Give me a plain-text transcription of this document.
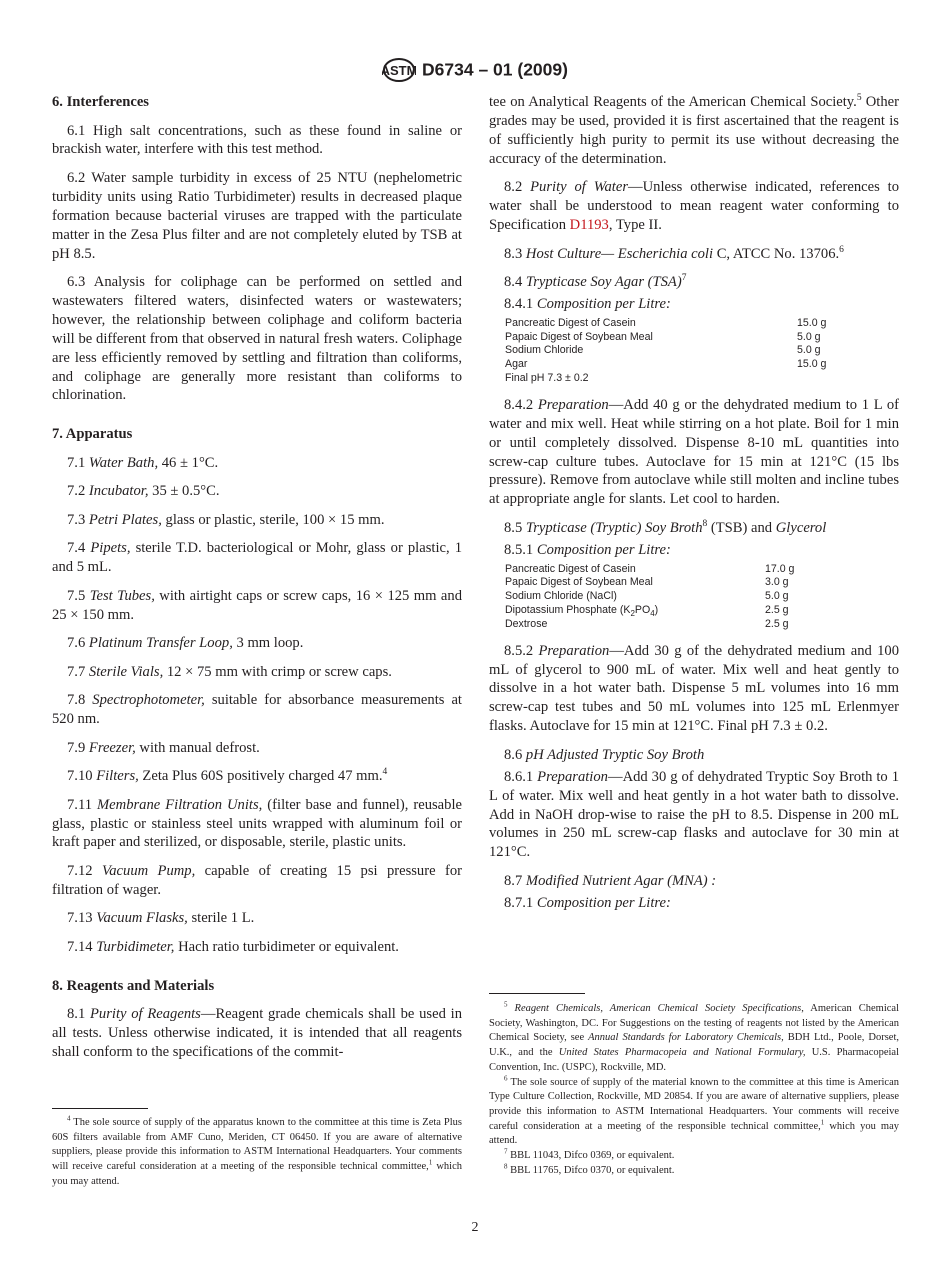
ASTM D6734 – 01 (2009)
6. Interferences

6.1 High salt concentrations, such as these found in saline or brackish water, interfere with this test method.

6.2 Water sample turbidity in excess of 25 NTU (nephelometric turbidity units using Ratio Turbidimeter) results in decreased plaque formation because bacterial viruses are trapped with the particulate matter in the Zesa Plus filter and are not completely eluted by TSB at pH 8.5.

6.3 Analysis for coliphage can be performed on settled and wastewaters filtered waters, disinfected waters or wastewaters; however, the relationship between coliphage and coliform bacteria will be different from that observed in natural fresh waters. Coliphage are less efficiently removed by settling and filtration than coliforms, and coliphage are generally more resistant than coliforms to chlorination.

7. Apparatus

7.1 Water Bath, 46 ± 1°C.

7.2 Incubator, 35 ± 0.5°C.

7.3 Petri Plates, glass or plastic, sterile, 100 × 15 mm.

7.4 Pipets, sterile T.D. bacteriological or Mohr, glass or plastic, 1 and 5 mL.

7.5 Test Tubes, with airtight caps or screw caps, 16 × 125 mm and 25 × 150 mm.

7.6 Platinum Transfer Loop, 3 mm loop.

7.7 Sterile Vials, 12 × 75 mm with crimp or screw caps.

7.8 Spectrophotometer, suitable for absorbance measurements at 520 nm.

7.9 Freezer, with manual defrost.

7.10 Filters, Zeta Plus 60S positively charged 47 mm.$^4$

7.11 Membrane Filtration Units, (filter base and funnel), reusable glass, plastic or stainless steel units wrapped with aluminum foil or kraft paper and sterilized, or disposable, sterile, plastic units.

7.12 Vacuum Pump, capable of creating 15 psi pressure for filtration of wager.

7.13 Vacuum Flasks, sterile 1 L.

7.14 Turbidimeter, Hach ratio turbidimeter or equivalent.

8. Reagents and Materials

8.1 Purity of Reagents—Reagent grade chemicals shall be used in all tests. Unless otherwise indicated, it is intended that all reagents shall conform to the specifications of the commit-

tee on Analytical Reagents of the American Chemical Society.$^5$ Other grades may be used, provided it is first ascertained that the reagent is of sufficiently high purity to permit its use without decreasing the accuracy of the determination.

8.2 Purity of Water—Unless otherwise indicated, references to water shall be understood to mean reagent water conforming to Specification D1193, Type II.

8.3 Host Culture— Escherichia coli C, ATCC No. 13706.$^6$

8.4 Trypticase Soy Agar (TSA)$^7$

8.4.1 Composition per Litre:

Pancreatic Digest of Casein	15.0 g
Papaic Digest of Soybean Meal	5.0 g
Sodium Chloride	5.0 g
Agar	15.0 g
Final pH 7.3 ± 0.2	

8.4.2 Preparation—Add 40 g or the dehydrated medium to 1 L of water and mix well. Heat while stirring on a hot plate. Boil for 1 min or until completely dissolved. Dispense 8-10 mL quantities into screw-cap culture tubes. Autoclave for 15 min at 121°C (15 lbs pressure). Remove from autoclave while still molten and incline tubes at appropriate angle for slants. Let cool to harden.

8.5 Trypticase (Tryptic) Soy Broth$^8$ (TSB) and Glycerol

8.5.1 Composition per Litre:

Pancreatic Digest of Casein	17.0 g
Papaic Digest of Soybean Meal	3.0 g
Sodium Chloride (NaCl)	5.0 g
Dipotassium Phosphate $(K_2PO_4)$	2.5 g
Dextrose	2.5 g

8.5.2 Preparation—Add 30 g of the dehydrated medium and 100 mL of glycerol to 900 mL of water. Mix well and heat gently to dissolve in a hot water bath. Dispense 5 mL volumes into 16 mm screw-cap test tubes and 50 mL volumes into 125 mL Erlenmyer flasks. Autoclave for 15 min at 121°C. Final pH 7.3 ± 0.2.

8.6 pH Adjusted Tryptic Soy Broth

8.6.1 Preparation—Add 30 g of dehydrated Tryptic Soy Broth to 1 L of water. Mix well and heat gently in a hot water bath to dissolve. Add in NaOH drop-wise to raise the pH to 8.5. Dispense in 200 mL volumes in 250 mL screw-cap flasks and autoclave for 30 min at 121°C.

8.7 Modified Nutrient Agar (MNA) :

8.7.1 Composition per Litre:

$^4$ The sole source of supply of the apparatus known to the committee at this time is Zeta Plus 60S filters available from AMF Cuno, Meriden, CT 06450. If you are aware of alternative suppliers, please provide this information to ASTM International Headquarters. Your comments will receive careful consideration at a meeting of the responsible technical committee,$^1$ which you may attend.

$^5$ Reagent Chemicals, American Chemical Society Specifications, American Chemical Society, Washington, DC. For Suggestions on the testing of reagents not listed by the American Chemical Society, see Annual Standards for Laboratory Chemicals, BDH Ltd., Poole, Dorset, U.K., and the United States Pharmacopeia and National Formulary, U.S. Pharmacopeial Convention, Inc. (USPC), Rockville, MD.

$^6$ The sole source of supply of the material known to the committee at this time is American Type Culture Collection, Rockville, MD 20854. If you are aware of alternative suppliers, please provide this information to ASTM International Headquarters. Your comments will receive careful consideration at a meeting of the responsible technical committee,$^1$ which you may attend.

$^7$ BBL 11043, Difco 0369, or equivalent.

$^8$ BBL 11765, Difco 0370, or equivalent.

2
